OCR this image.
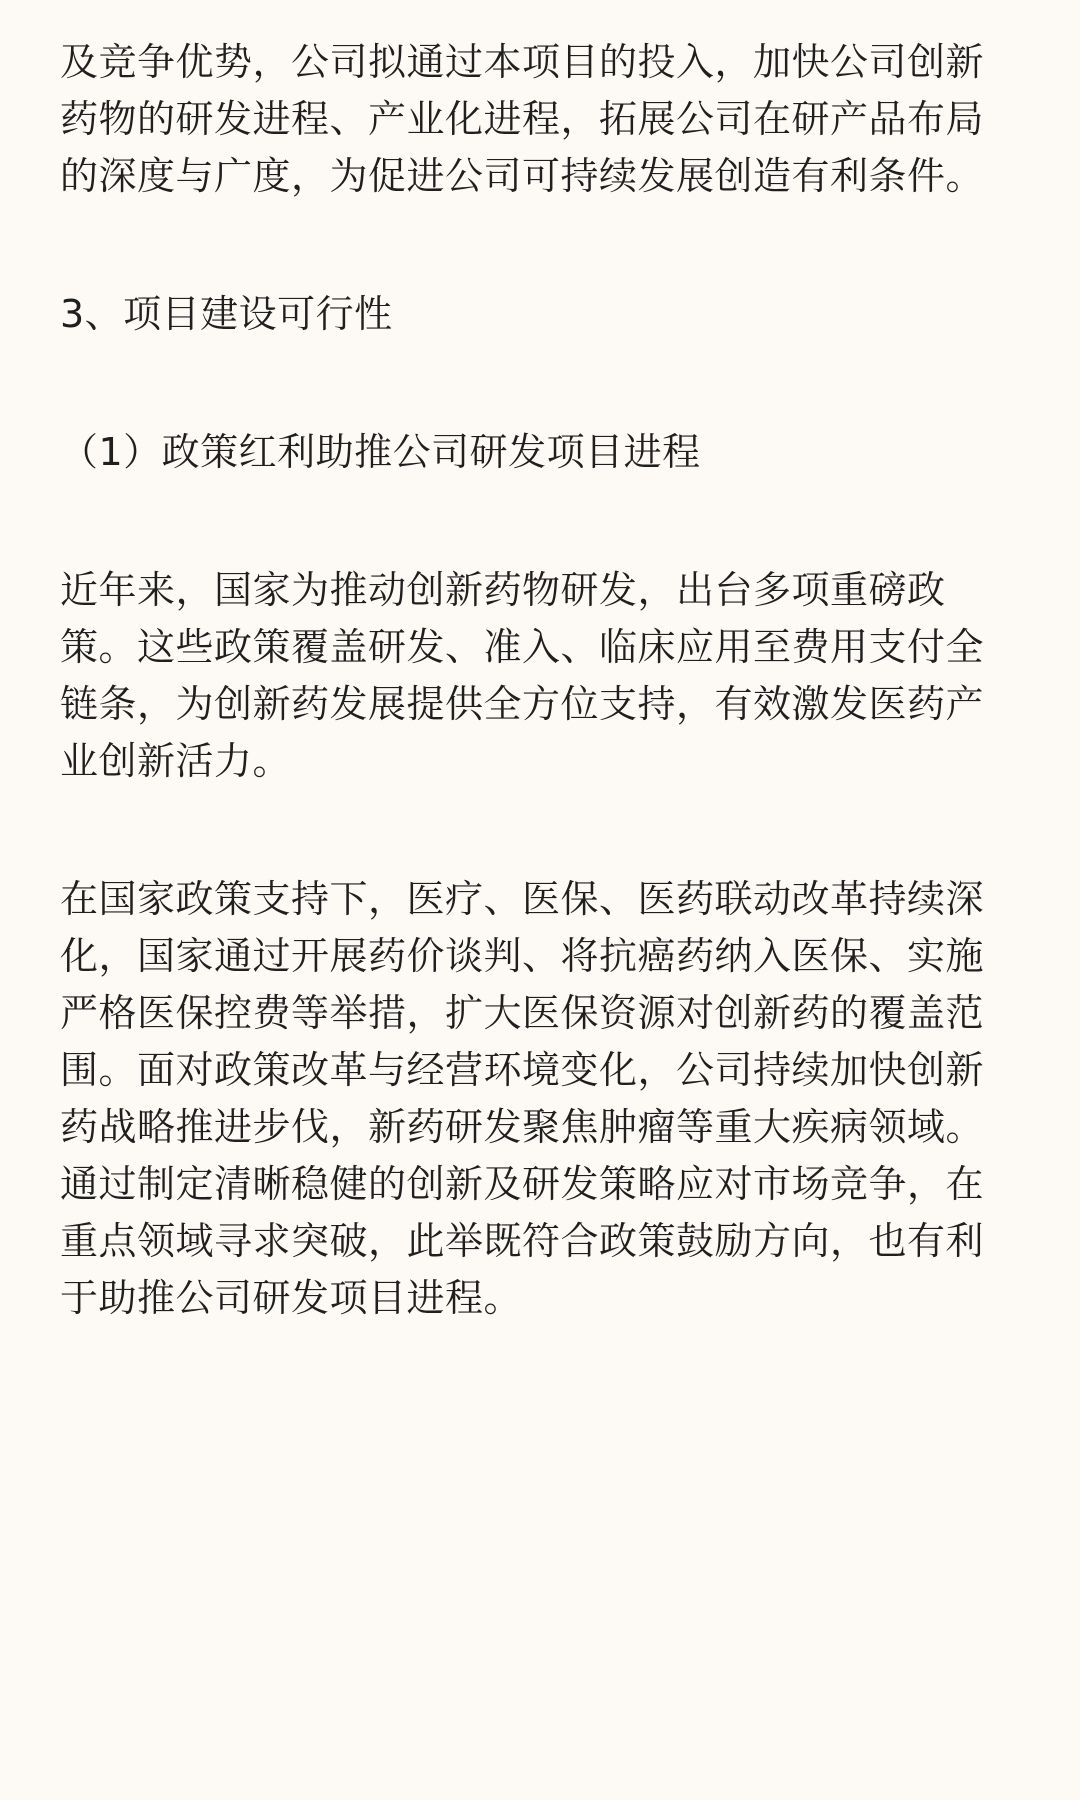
及竞争优势，公司拟通过本项目的投入，加快公司创新药物的研发进程、产业化进程，拓展公司在研产品布局的深度与广度，为促进公司可持续发展创造有利条件。

3、项目建设可行性

（1）政策红利助推公司研发项目进程

近年来，国家为推动创新药物研发，出台多项重磅政策。这些政策覆盖研发、准入、临床应用至费用支付全链条，为创新药发展提供全方位支持，有效激发医药产业创新活力。

在国家政策支持下，医疗、医保、医药联动改革持续深化，国家通过开展药价谈判、将抗癌药纳入医保、实施严格医保控费等举措，扩大医保资源对创新药的覆盖范围。面对政策改革与经营环境变化，公司持续加快创新药战略推进步伐，新药研发聚焦肿瘤等重大疾病领域。通过制定清晰稳健的创新及研发策略应对市场竞争，在重点领域寻求突破，此举既符合政策鼓励方向，也有利于助推公司研发项目进程。
